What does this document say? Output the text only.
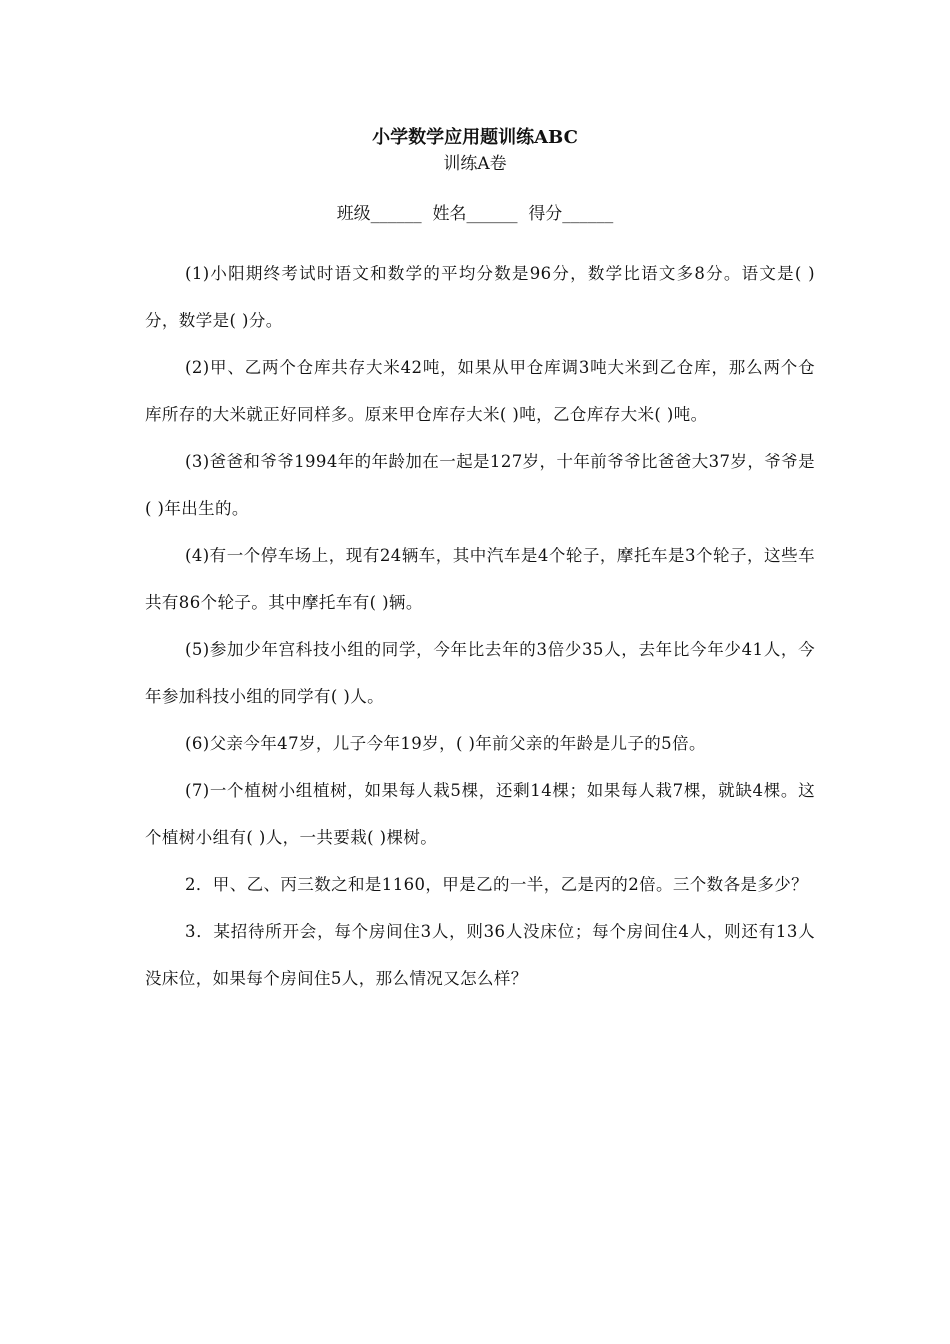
小学数学应用题训练ABC
训练A卷
班级______ 姓名______ 得分______

(1)小阳期终考试时语文和数学的平均分数是96分，数学比语文多8分。语文是( )分，数学是( )分。

(2)甲、乙两个仓库共存大米42吨，如果从甲仓库调3吨大米到乙仓库，那么两个仓库所存的大米就正好同样多。原来甲仓库存大米( )吨，乙仓库存大米( )吨。

(3)爸爸和爷爷1994年的年龄加在一起是127岁，十年前爷爷比爸爸大37岁，爷爷是( )年出生的。

(4)有一个停车场上，现有24辆车，其中汽车是4个轮子，摩托车是3个轮子，这些车共有86个轮子。其中摩托车有( )辆。

(5)参加少年宫科技小组的同学，今年比去年的3倍少35人，去年比今年少41人，今年参加科技小组的同学有( )人。

(6)父亲今年47岁，儿子今年19岁，( )年前父亲的年龄是儿子的5倍。

(7)一个植树小组植树，如果每人栽5棵，还剩14棵；如果每人栽7棵，就缺4棵。这个植树小组有( )人，一共要栽( )棵树。

2．甲、乙、丙三数之和是1160，甲是乙的一半，乙是丙的2倍。三个数各是多少？

3．某招待所开会，每个房间住3人，则36人没床位；每个房间住4人，则还有13人没床位，如果每个房间住5人，那么情况又怎么样？
